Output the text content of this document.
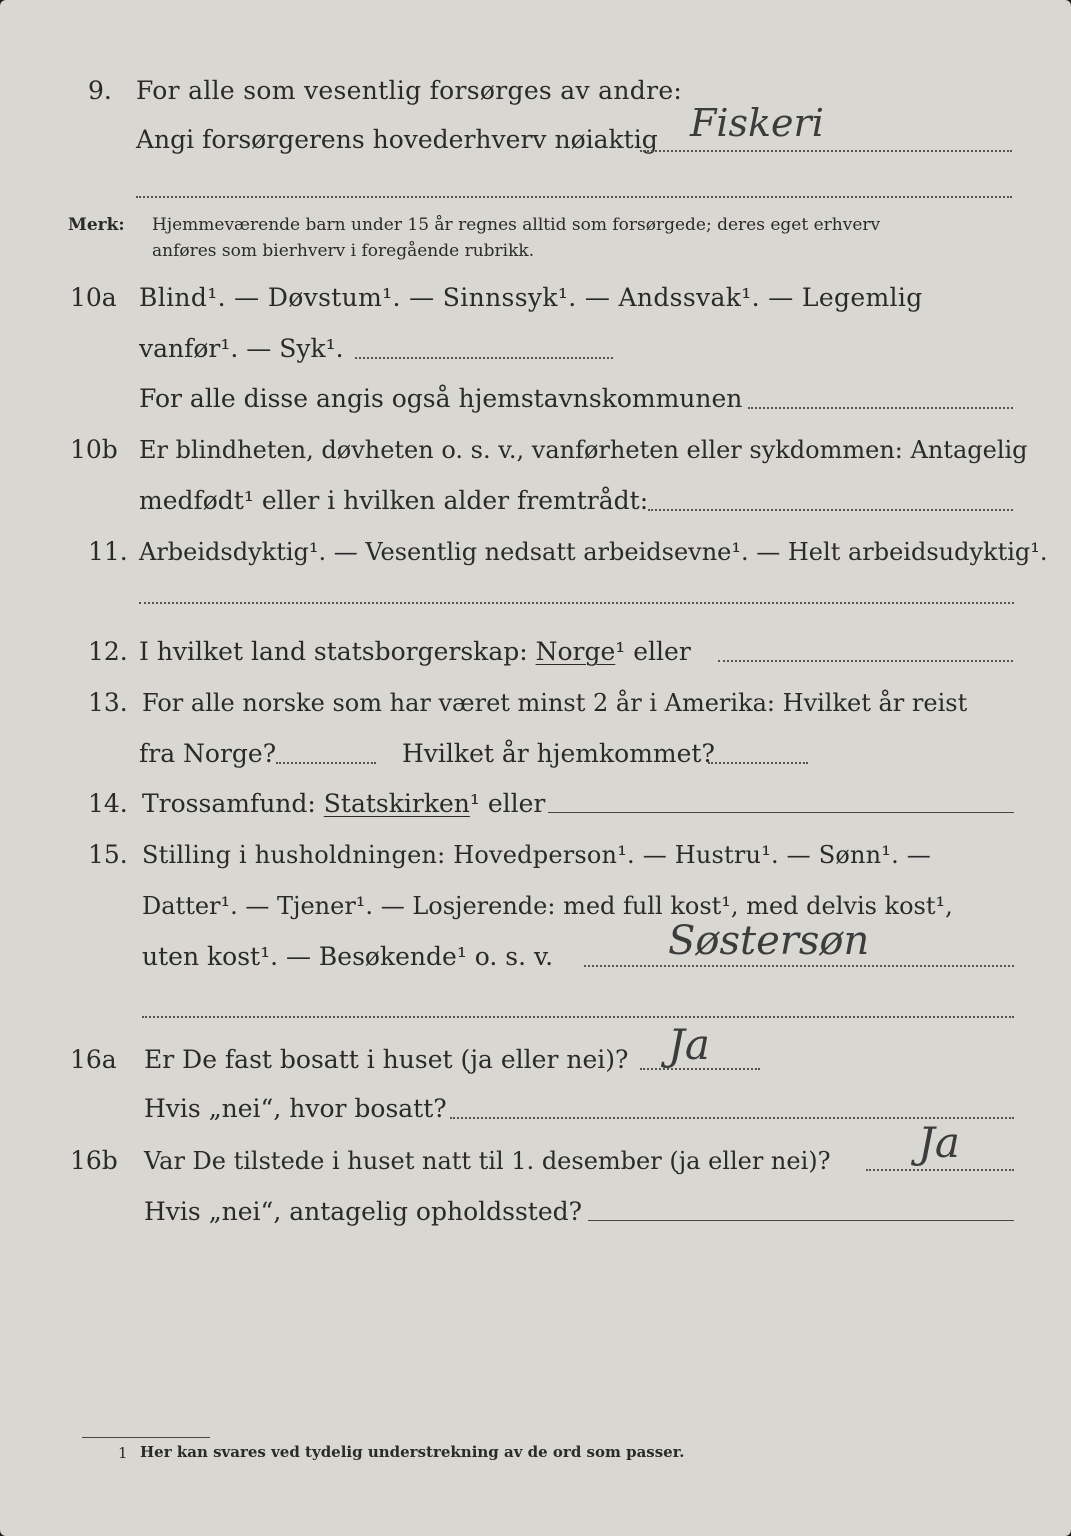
9. For alle som vesentlig forsørges av andre:
Angi forsørgerens hovederhverv nøiaktig Fiskeri
Merk: Hjemmeværende barn under 15 år regnes alltid som forsørgede; deres eget erhverv
anføres som bierhverv i foregående rubrikk.
10a Blind¹. — Døvstum¹. — Sinnssyk¹. — Andssvak¹. — Legemlig
vanfør¹. — Syk¹.
For alle disse angis også hjemstavnskommunen
10b Er blindheten, døvheten o. s. v., vanførheten eller sykdommen: Antagelig
medfødt¹ eller i hvilken alder fremtrådt:
11. Arbeidsdyktig¹. — Vesentlig nedsatt arbeidsevne¹. — Helt arbeidsudyktig¹.
12. I hvilket land statsborgerskap: Norge¹ eller
13. For alle norske som har været minst 2 år i Amerika: Hvilket år reist
fra Norge?	Hvilket år hjemkommet?
14. Trossamfund: Statskirken¹ eller
15. Stilling i husholdningen: Hovedperson¹. — Hustru¹. — Sønn¹. —
Datter¹. — Tjener¹. — Losjerende: med full kost¹, med delvis kost¹,
uten kost¹. — Besøkende¹ o. s. v.	Søstersøn
16a Er De fast bosatt i huset (ja eller nei)? Ja
Hvis „nei“, hvor bosatt?
16b Var De tilstede i huset natt til 1. desember (ja eller nei)? Ja
Hvis „nei“, antagelig opholdssted?
1 Her kan svares ved tydelig understrekning av de ord som passer.
